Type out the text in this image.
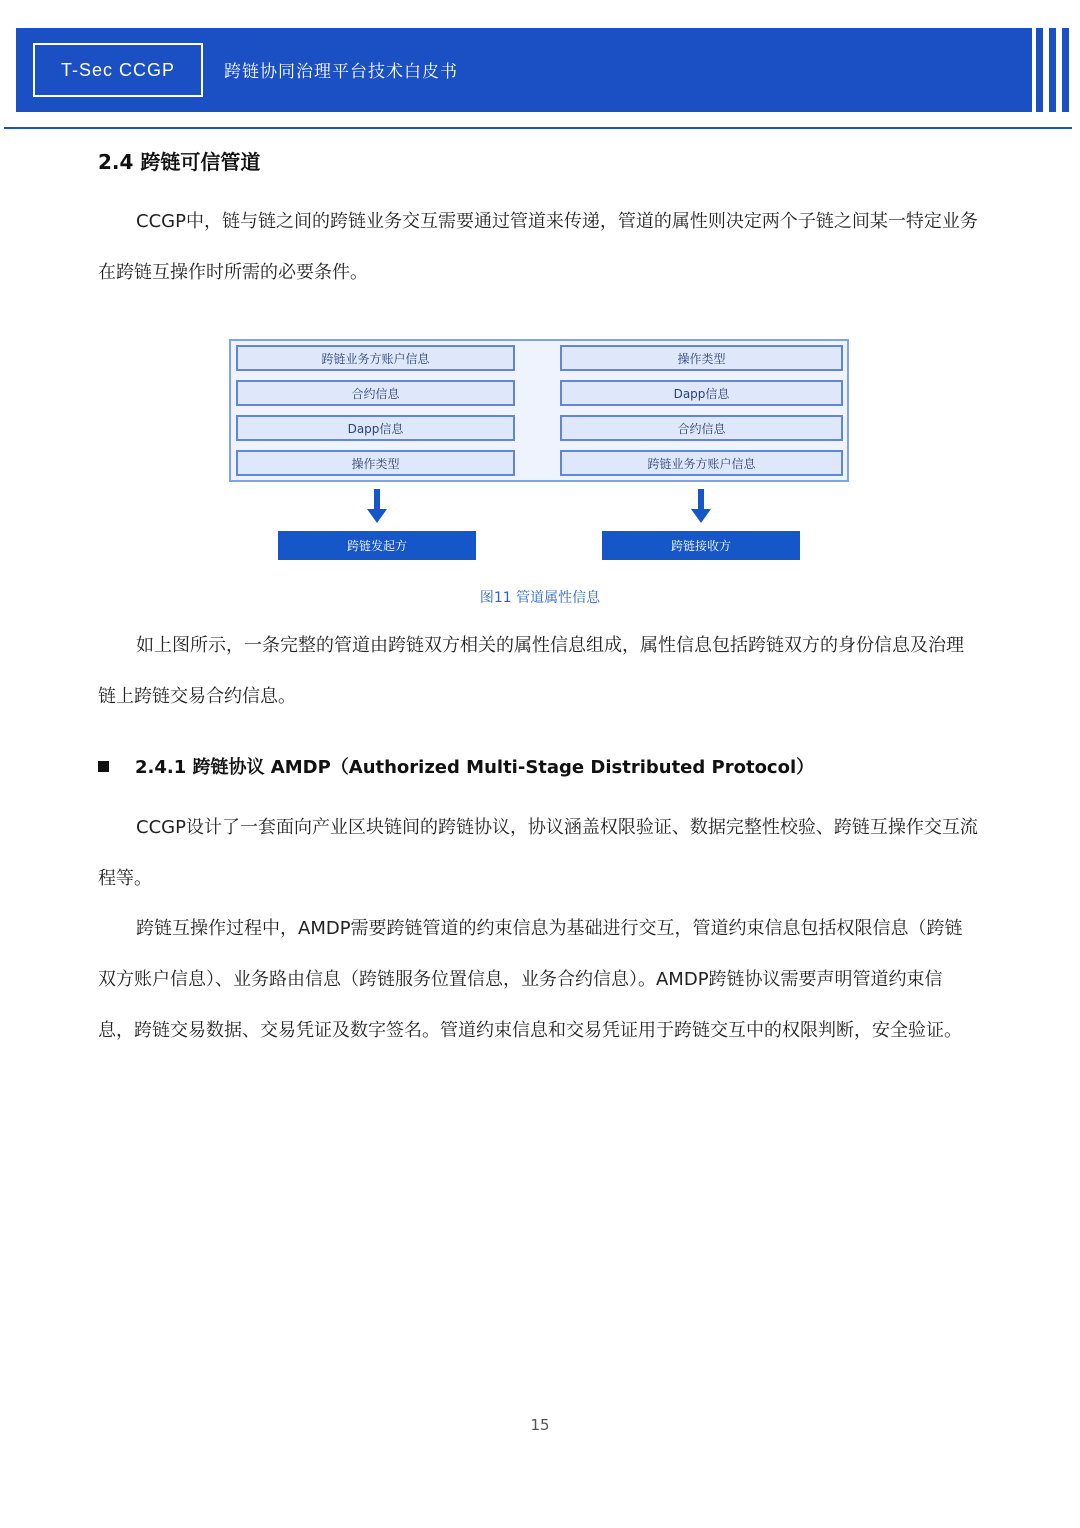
T-Sec CCGP	跨链协同治理平台技术白皮书
2.4 跨链可信管道

CCGP中，链与链之间的跨链业务交互需要通过管道来传递，管道的属性则决定两个子链之间某一特定业务在跨链互操作时所需的必要条件。

跨链业务方账户信息
合约信息
Dapp信息
操作类型
操作类型
Dapp信息
合约信息
跨链业务方账户信息
跨链发起方	跨链接收方
图11 管道属性信息

如上图所示，一条完整的管道由跨链双方相关的属性信息组成，属性信息包括跨链双方的身份信息及治理链上跨链交易合约信息。

2.4.1 跨链协议 AMDP（Authorized Multi-Stage Distributed Protocol）

CCGP设计了一套面向产业区块链间的跨链协议，协议涵盖权限验证、数据完整性校验、跨链互操作交互流程等。

跨链互操作过程中，AMDP需要跨链管道的约束信息为基础进行交互，管道约束信息包括权限信息（跨链双方账户信息）、业务路由信息（跨链服务位置信息，业务合约信息）。AMDP跨链协议需要声明管道约束信息，跨链交易数据、交易凭证及数字签名。管道约束信息和交易凭证用于跨链交互中的权限判断，安全验证。

15
